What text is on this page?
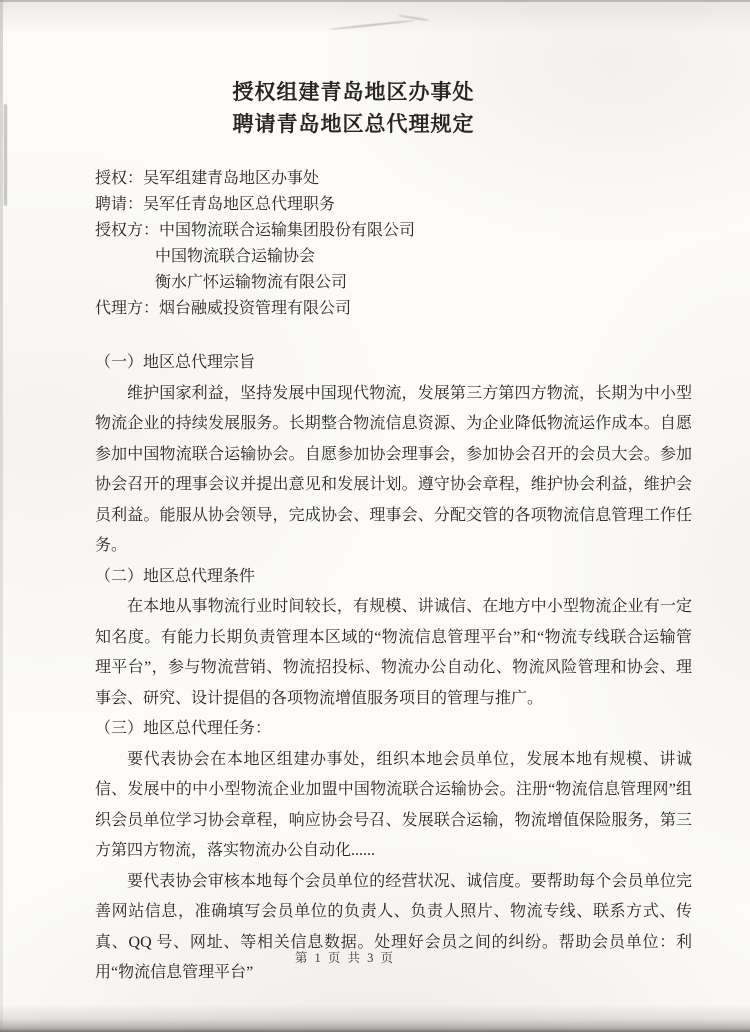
授权组建青岛地区办事处

聘请青岛地区总代理规定

授权：吴军组建青岛地区办事处

聘请：吴军任青岛地区总代理职务

授权方：中国物流联合运输集团股份有限公司

中国物流联合运输协会

衡水广怀运输物流有限公司

代理方：烟台融威投资管理有限公司

（一）地区总代理宗旨

维护国家利益，坚持发展中国现代物流，发展第三方第四方物流，长期为中小型物流企业的持续发展服务。长期整合物流信息资源、为企业降低物流运作成本。自愿参加中国物流联合运输协会。自愿参加协会理事会，参加协会召开的会员大会。参加协会召开的理事会议并提出意见和发展计划。遵守协会章程，维护协会利益，维护会员利益。能服从协会领导，完成协会、理事会、分配交管的各项物流信息管理工作任务。

（二）地区总代理条件

在本地从事物流行业时间较长，有规模、讲诚信、在地方中小型物流企业有一定知名度。有能力长期负责管理本区域的“物流信息管理平台”和“物流专线联合运输管理平台”，参与物流营销、物流招投标、物流办公自动化、物流风险管理和协会、理事会、研究、设计提倡的各项物流增值服务项目的管理与推广。

（三）地区总代理任务：

要代表协会在本地区组建办事处，组织本地会员单位，发展本地有规模、讲诚信、发展中的中小型物流企业加盟中国物流联合运输协会。注册“物流信息管理网”组织会员单位学习协会章程，响应协会号召、发展联合运输，物流增值保险服务，第三方第四方物流，落实物流办公自动化......

要代表协会审核本地每个会员单位的经营状况、诚信度。要帮助每个会员单位完善网站信息，准确填写会员单位的负责人、负责人照片、物流专线、联系方式、传真、QQ 号、网址、等相关信息数据。处理好会员之间的纠纷。帮助会员单位：利用“物流信息管理平台”

第 1 页 共 3 页
